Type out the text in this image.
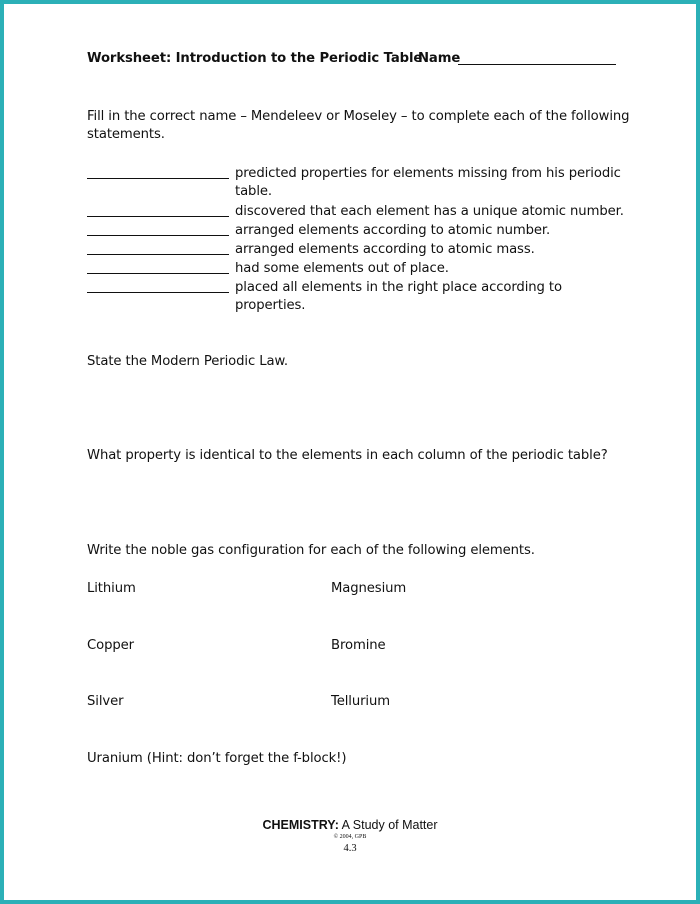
Worksheet: Introduction to the Periodic Table
Name
Fill in the correct name – Mendeleev or Moseley – to complete each of the following
statements.
predicted properties for elements missing from his periodic
table.
discovered that each element has a unique atomic number.
arranged elements according to atomic number.
arranged elements according to atomic mass.
had some elements out of place.
placed all elements in the right place according to
properties.
State the Modern Periodic Law.
What property is identical to the elements in each column of the periodic table?
Write the noble gas configuration for each of the following elements.
Lithium	Magnesium
Copper	Bromine
Silver	Tellurium
Uranium (Hint: don’t forget the f-block!)
CHEMISTRY: A Study of Matter
© 2004, GPB
4.3
